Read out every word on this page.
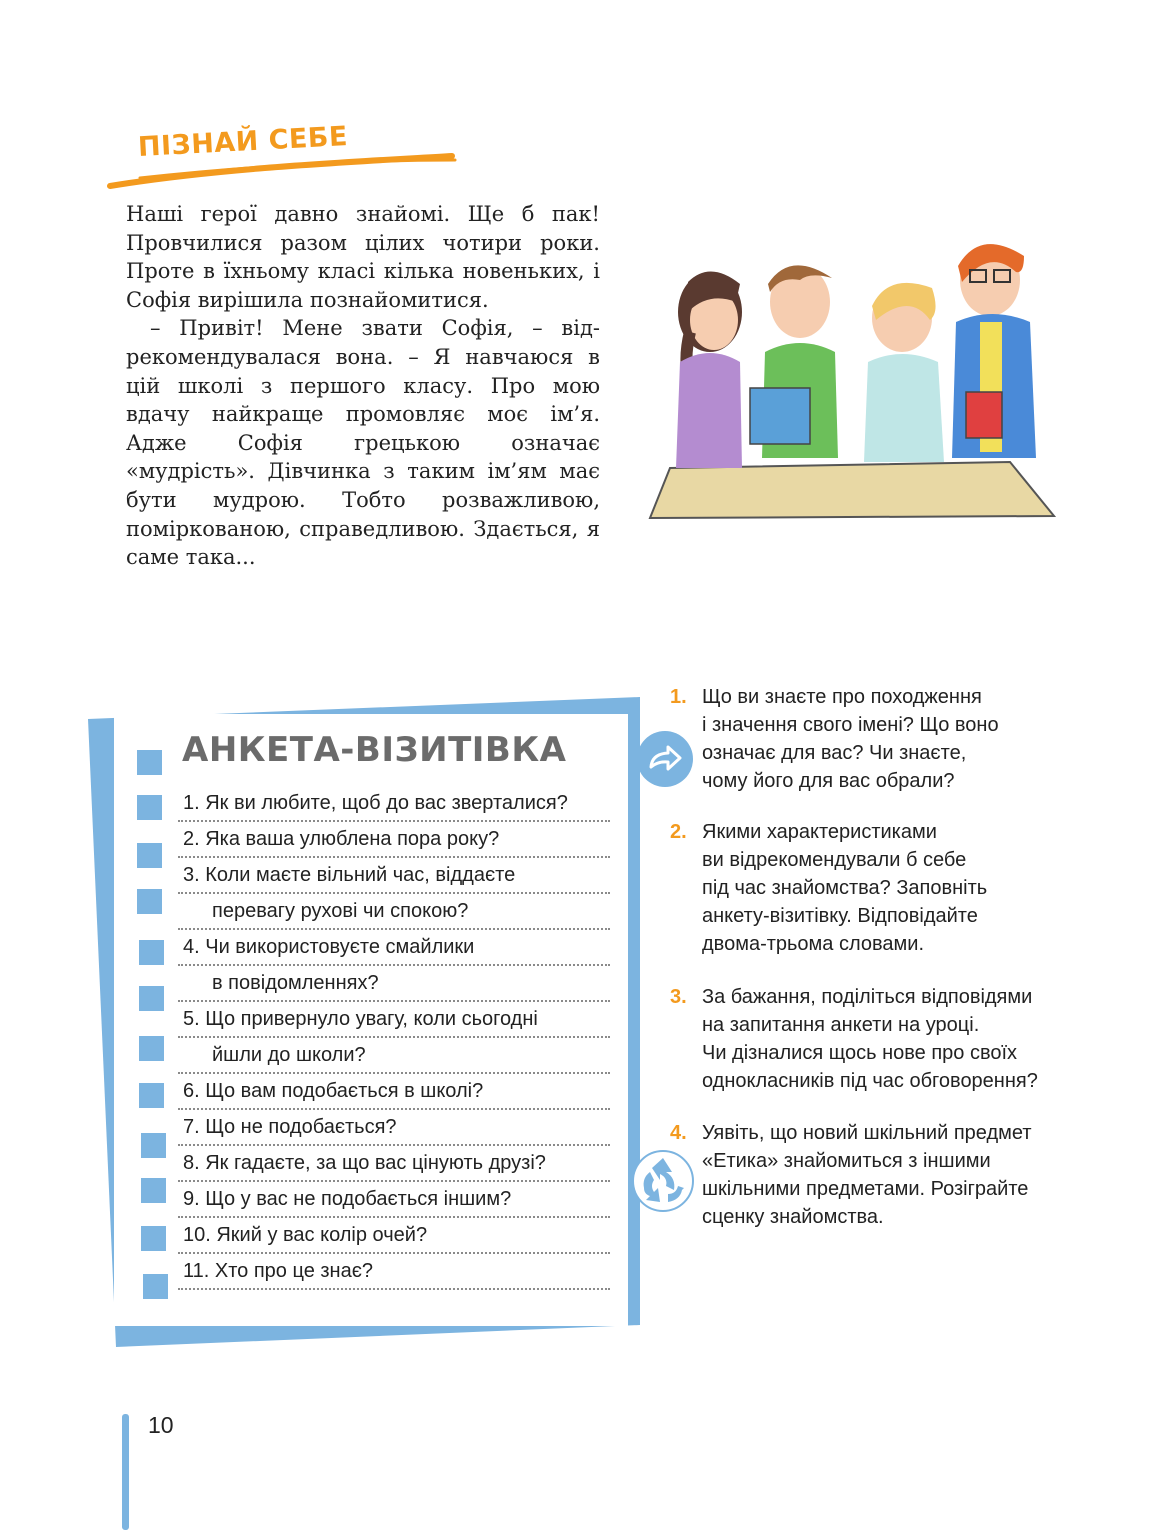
ПІЗНАЙ СЕБЕ

Наші герої давно знайомі. Ще б пак! Провчилися разом цілих чотири роки. Проте в їхньому класі кілька новеньких, і Софія вирішила познайомитися.

– Привіт! Мене звати Софія, – відрекомендувалася вона. – Я навчаюся в цій школі з першого класу. Про мою вдачу найкраще промовляє моє ім’я. Адже Софія грецькою означає «мудрість». Дівчинка з таким ім’ям має бути мудрою. Тобто розважливою, поміркованою, справедливою. Здається, я саме така...

АНКЕТА-ВІЗИТІВКА
1. Як ви любите, щоб до вас зверталися?
2. Яка ваша улюблена пора року?
3. Коли маєте вільний час, віддаєте
перевагу рухові чи спокою?
4. Чи використовуєте смайлики
в повідомленнях?
5. Що привернуло увагу, коли сьогодні
йшли до школи?
6. Що вам подобається в школі?
7. Що не подобається?
8. Як гадаєте, за що вас цінують друзі?
9. Що у вас не подобається іншим?
10. Який у вас колір очей?
11. Хто про це знає?
1. Що ви знаєте про походження
і значення свого імені? Що воно
означає для вас? Чи знаєте,
чому його для вас обрали?
2. Якими характеристиками
ви відрекомендували б себе
під час знайомства? Заповніть
анкету-візитівку. Відповідайте
двома-трьома словами.
3. За бажання, поділіться відповідями
на запитання анкети на уроці.
Чи дізналися щось нове про своїх
однокласників під час обговорення?
4. Уявіть, що новий шкільний предмет
«Етика» знайомиться з іншими
шкільними предметами. Розіграйте
сценку знайомства.
10
